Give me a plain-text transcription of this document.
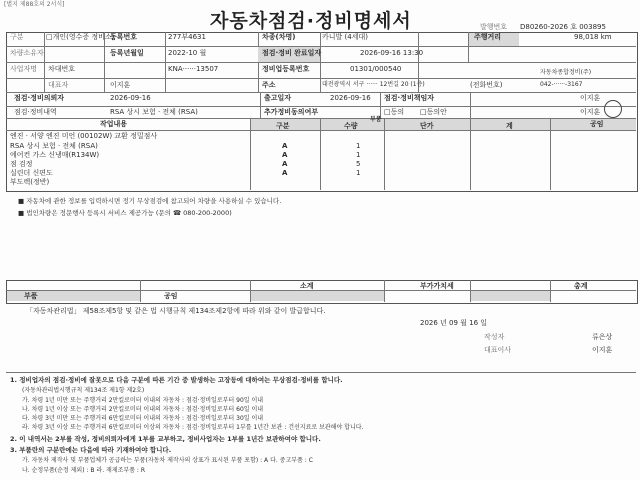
[별지 제88호의 2서식]
자동차점검·정비명세서	발행번호 D80260-2026 호 003895
구분	□개인(영수증 정비소)
등록번호	277부4631	차종(차명)	카니발 (4세대)	주행거리	98,018 km
차량소유자	등록년월일	2022-10 월	점검·정비 완료일자	2026-09-16 13:30
사업자명 차대번호	KNA······13507	정비업등록번호	01301/000540
대표자	이지훈	주소	대전광역시 서구 ······ 12번길 20 (1층)	(전화번호)
자동차종합정비(주)
042-······-3167
점검·정비의뢰자	2026-09-16	출고일자	2026-09-16 점검·정비책임자	이지훈
점검·정비내역	RSA 상시 보험 · 전체 (RSA)	추가정비동의여부	□동의 □동의안	이지훈
작업내용
부품
구분	수량	단가	계	공임
엔진 · 서양 엔진 미언 (00102W) 교환 정밀점사
RSA 상시 보험 · 전체 (RSA)	A	1
에어컨 가스 신냉매(R134W)	A	1
점 검정	A	5
실린더 신편도	A	1
부도렉(정반)
■ 자동차에 관한 정보를 입력하시면 정기 무상점검에 참고되어 차량을 사용하실 수 있습니다.
■ 법인차량은 정문행사 등록시 서비스 제공가능 (문의 ☎ 080-200-2000)
부품	공임
소계	부가가치세	총계
「자동차관리법」 제58조제5항 및 같은 법 시행규칙 제134조제2항에 따라 위와 같이 발급합니다.
2026 년 09 월 16 일
작성자	류은상
대표이사	이지훈
1. 정비업자의 점검·정비에 잘못으로 다음 구분에 따른 기간 중 발생하는 고장등에 대하여는 무상점검·정비를 합니다.
(자동차관리법시행규칙 제134조 제1항 제2호)
가. 차령 1년 미만 또는 주행거리 2만킬로미터 이내의 자동차 : 점검·정비일로부터 90일 이내
나. 차령 1년 이상 또는 주행거리 2만킬로미터 이내의 자동차 : 점검·정비일로부터 60일 이내
다. 차령 3년 미만 또는 주행거리 6만킬로미터 이내의 자동차 : 점검·정비일로부터 30일 이내
라. 차령 3년 이상 또는 주행거리 6만킬로미터 이상의 자동차 : 점검·정비일로부터 1부를 1년간 보관 : 건선지료로 보관해야 합니다.
2. 이 내역서는 2부를 작성, 정비의뢰자에게 1부를 교부하고, 정비사업자는 1부를 1년간 보관하여야 합니다.
3. 부품란의 구분란에는 다음에 따라 기재하여야 합니다.
가. 자동차 제작사 및 부품업체가 공급하는 부품(자동차 제작사의 상표가 표시된 부품 포함) : A 다. 중고부품 : C
나. 순정부품(순정 제외) : B 라. 재제조부품 : R
